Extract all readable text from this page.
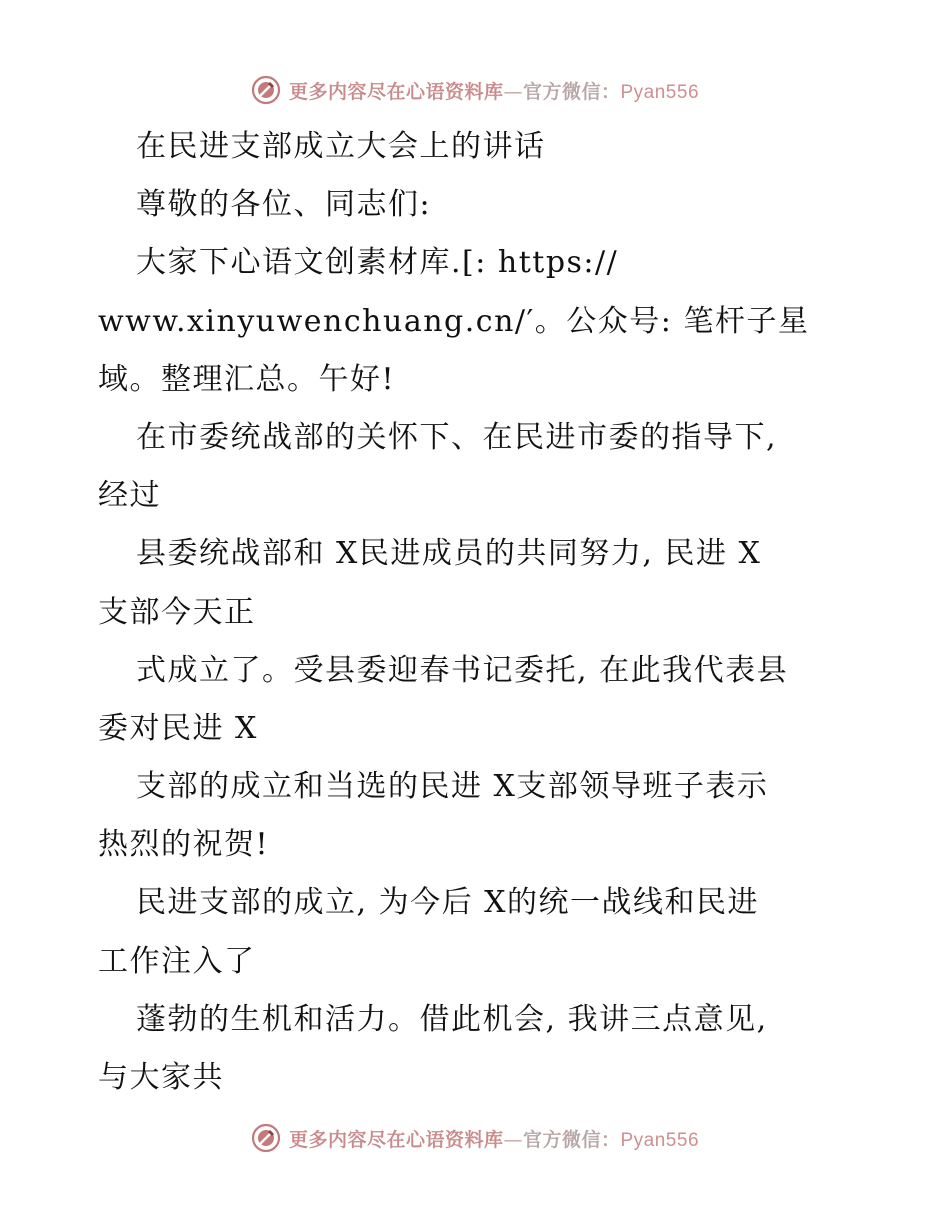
更多内容尽在心语资料库—官方微信：Pyan556
在民进支部成立大会上的讲话
尊敬的各位、同志们:
大家下心语文创素材库.[: https://
www.xinyuwenchuang.cn/′。公众号: 笔杆子星
域。整理汇总。午好!
在市委统战部的关怀下、在民进市委的指导下,
经过
县委统战部和 X民进成员的共同努力, 民进 X
支部今天正
式成立了。受县委迎春书记委托, 在此我代表县
委对民进 X
支部的成立和当选的民进 X支部领导班子表示
热烈的祝贺!
民进支部的成立, 为今后 X的统一战线和民进
工作注入了
蓬勃的生机和活力。借此机会, 我讲三点意见,
与大家共
更多内容尽在心语资料库—官方微信：Pyan556
